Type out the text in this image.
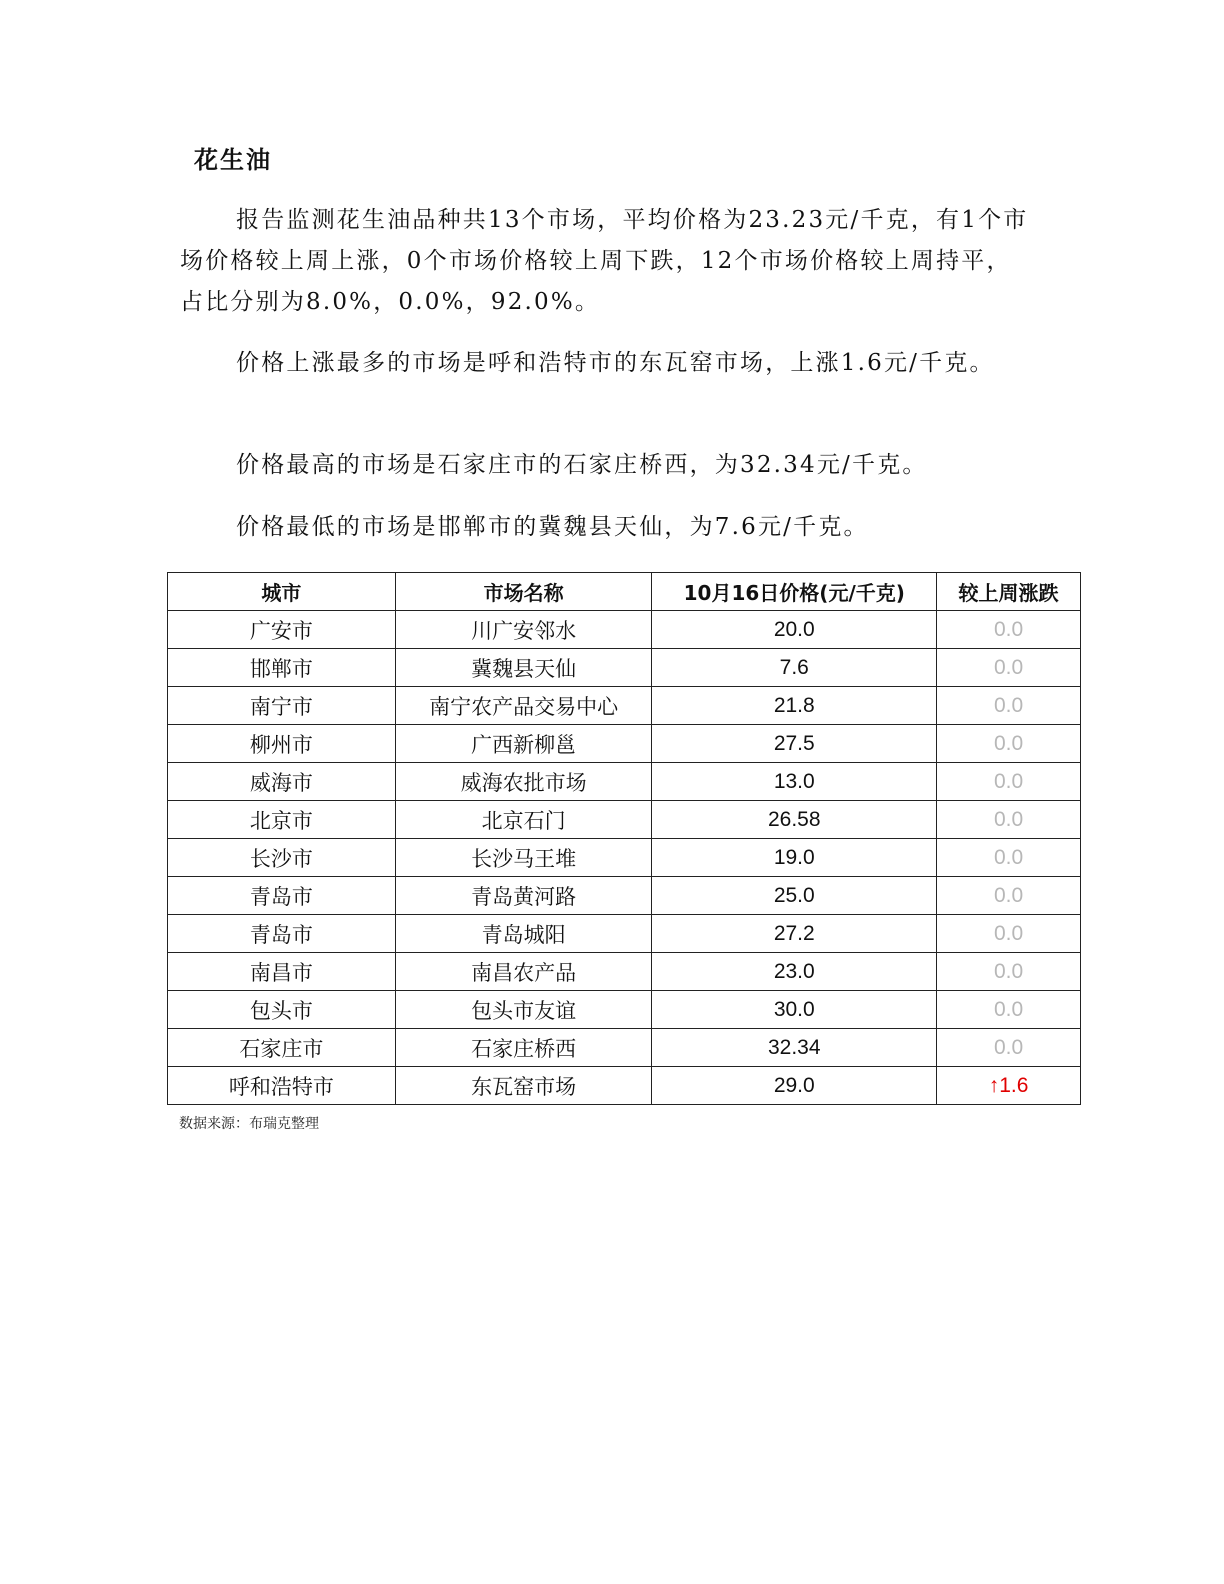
花生油

报告监测花生油品种共13个市场，平均价格为23.23元/千克，有1个市场价格较上周上涨，0个市场价格较上周下跌，12个市场价格较上周持平，占比分别为8.0%，0.0%，92.0%。

价格上涨最多的市场是呼和浩特市的东瓦窑市场，上涨1.6元/千克。

价格最高的市场是石家庄市的石家庄桥西，为32.34元/千克。

价格最低的市场是邯郸市的冀魏县天仙，为7.6元/千克。

城市	市场名称	10月16日价格(元/千克)	较上周涨跌
广安市	川广安邻水	20.0	0.0
邯郸市	冀魏县天仙	7.6	0.0
南宁市	南宁农产品交易中心	21.8	0.0
柳州市	广西新柳邕	27.5	0.0
威海市	威海农批市场	13.0	0.0
北京市	北京石门	26.58	0.0
长沙市	长沙马王堆	19.0	0.0
青岛市	青岛黄河路	25.0	0.0
青岛市	青岛城阳	27.2	0.0
南昌市	南昌农产品	23.0	0.0
包头市	包头市友谊	30.0	0.0
石家庄市	石家庄桥西	32.34	0.0
呼和浩特市	东瓦窑市场	29.0	↑1.6

数据来源：布瑞克整理
